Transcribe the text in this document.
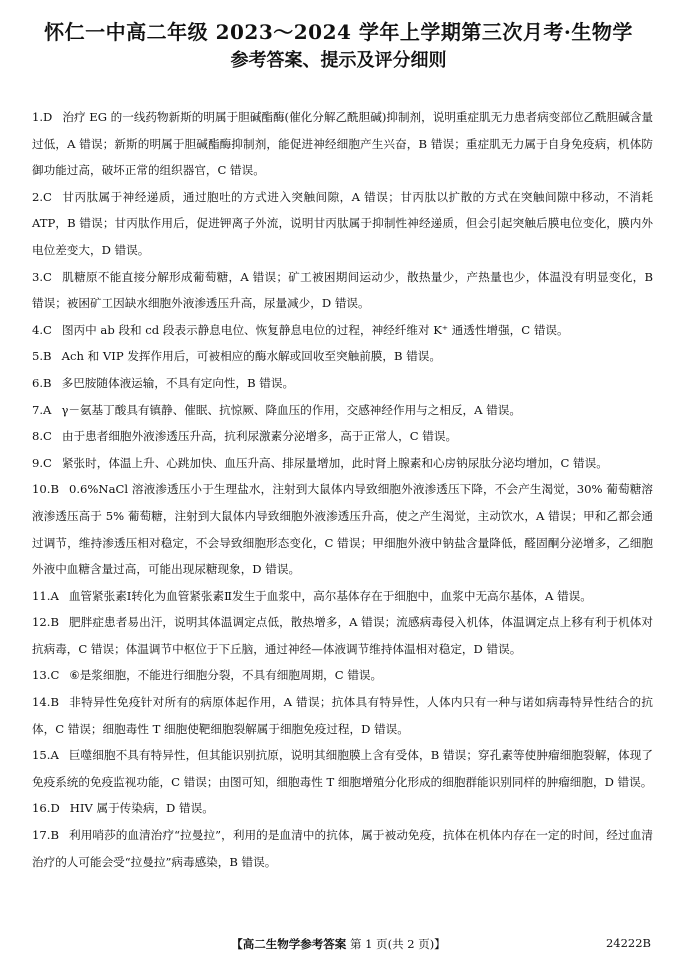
怀仁一中高二年级 2023～2024 学年上学期第三次月考·生物学
参考答案、提示及评分细则

1.D 治疗 EG 的一线药物新斯的明属于胆碱酯酶(催化分解乙酰胆碱)抑制剂，说明重症肌无力患者病变部位乙酰胆碱含量过低，A 错误；新斯的明属于胆碱酯酶抑制剂，能促进神经细胞产生兴奋，B 错误；重症肌无力属于自身免疫病，机体防御功能过高，破坏正常的组织器官，C 错误。

2.C 甘丙肽属于神经递质，通过胞吐的方式进入突触间隙，A 错误；甘丙肽以扩散的方式在突触间隙中移动，不消耗 ATP，B 错误；甘丙肽作用后，促进钾离子外流，说明甘丙肽属于抑制性神经递质，但会引起突触后膜电位变化，膜内外电位差变大，D 错误。

3.C 肌糖原不能直接分解形成葡萄糖，A 错误；矿工被困期间运动少，散热量少，产热量也少，体温没有明显变化，B 错误；被困矿工因缺水细胞外液渗透压升高，尿量减少，D 错误。

4.C 图丙中 ab 段和 cd 段表示静息电位、恢复静息电位的过程，神经纤维对 K⁺ 通透性增强，C 错误。

5.B Ach 和 VIP 发挥作用后，可被相应的酶水解或回收至突触前膜，B 错误。

6.B 多巴胺随体液运输，不具有定向性，B 错误。

7.A γ－氨基丁酸具有镇静、催眠、抗惊厥、降血压的作用，交感神经作用与之相反，A 错误。

8.C 由于患者细胞外液渗透压升高，抗利尿激素分泌增多，高于正常人，C 错误。

9.C 紧张时，体温上升、心跳加快、血压升高、排尿量增加，此时肾上腺素和心房钠尿肽分泌均增加，C 错误。

10.B 0.6%NaCl 溶液渗透压小于生理盐水，注射到大鼠体内导致细胞外液渗透压下降，不会产生渴觉，30% 葡萄糖溶液渗透压高于 5% 葡萄糖，注射到大鼠体内导致细胞外液渗透压升高，使之产生渴觉，主动饮水，A 错误；甲和乙都会通过调节，维持渗透压相对稳定，不会导致细胞形态变化，C 错误；甲细胞外液中钠盐含量降低，醛固酮分泌增多，乙细胞外液中血糖含量过高，可能出现尿糖现象，D 错误。

11.A 血管紧张素Ⅰ转化为血管紧张素Ⅱ发生于血浆中，高尔基体存在于细胞中，血浆中无高尔基体，A 错误。

12.B 肥胖症患者易出汗，说明其体温调定点低，散热增多，A 错误；流感病毒侵入机体，体温调定点上移有利于机体对抗病毒，C 错误；体温调节中枢位于下丘脑，通过神经—体液调节维持体温相对稳定，D 错误。

13.C ⑥是浆细胞，不能进行细胞分裂，不具有细胞周期，C 错误。

14.B 非特异性免疫针对所有的病原体起作用，A 错误；抗体具有特异性，人体内只有一种与诺如病毒特异性结合的抗体，C 错误；细胞毒性 T 细胞使靶细胞裂解属于细胞免疫过程，D 错误。

15.A 巨噬细胞不具有特异性，但其能识别抗原，说明其细胞膜上含有受体，B 错误；穿孔素等使肿瘤细胞裂解，体现了免疫系统的免疫监视功能，C 错误；由图可知，细胞毒性 T 细胞增殖分化形成的细胞群能识别同样的肿瘤细胞，D 错误。

16.D HIV 属于传染病，D 错误。

17.B 利用哨莎的血清治疗“拉曼拉”，利用的是血清中的抗体，属于被动免疫，抗体在机体内存在一定的时间，经过血清治疗的人可能会受“拉曼拉”病毒感染，B 错误。

【高二生物学参考答案 第 1 页(共 2 页)】	24222B
